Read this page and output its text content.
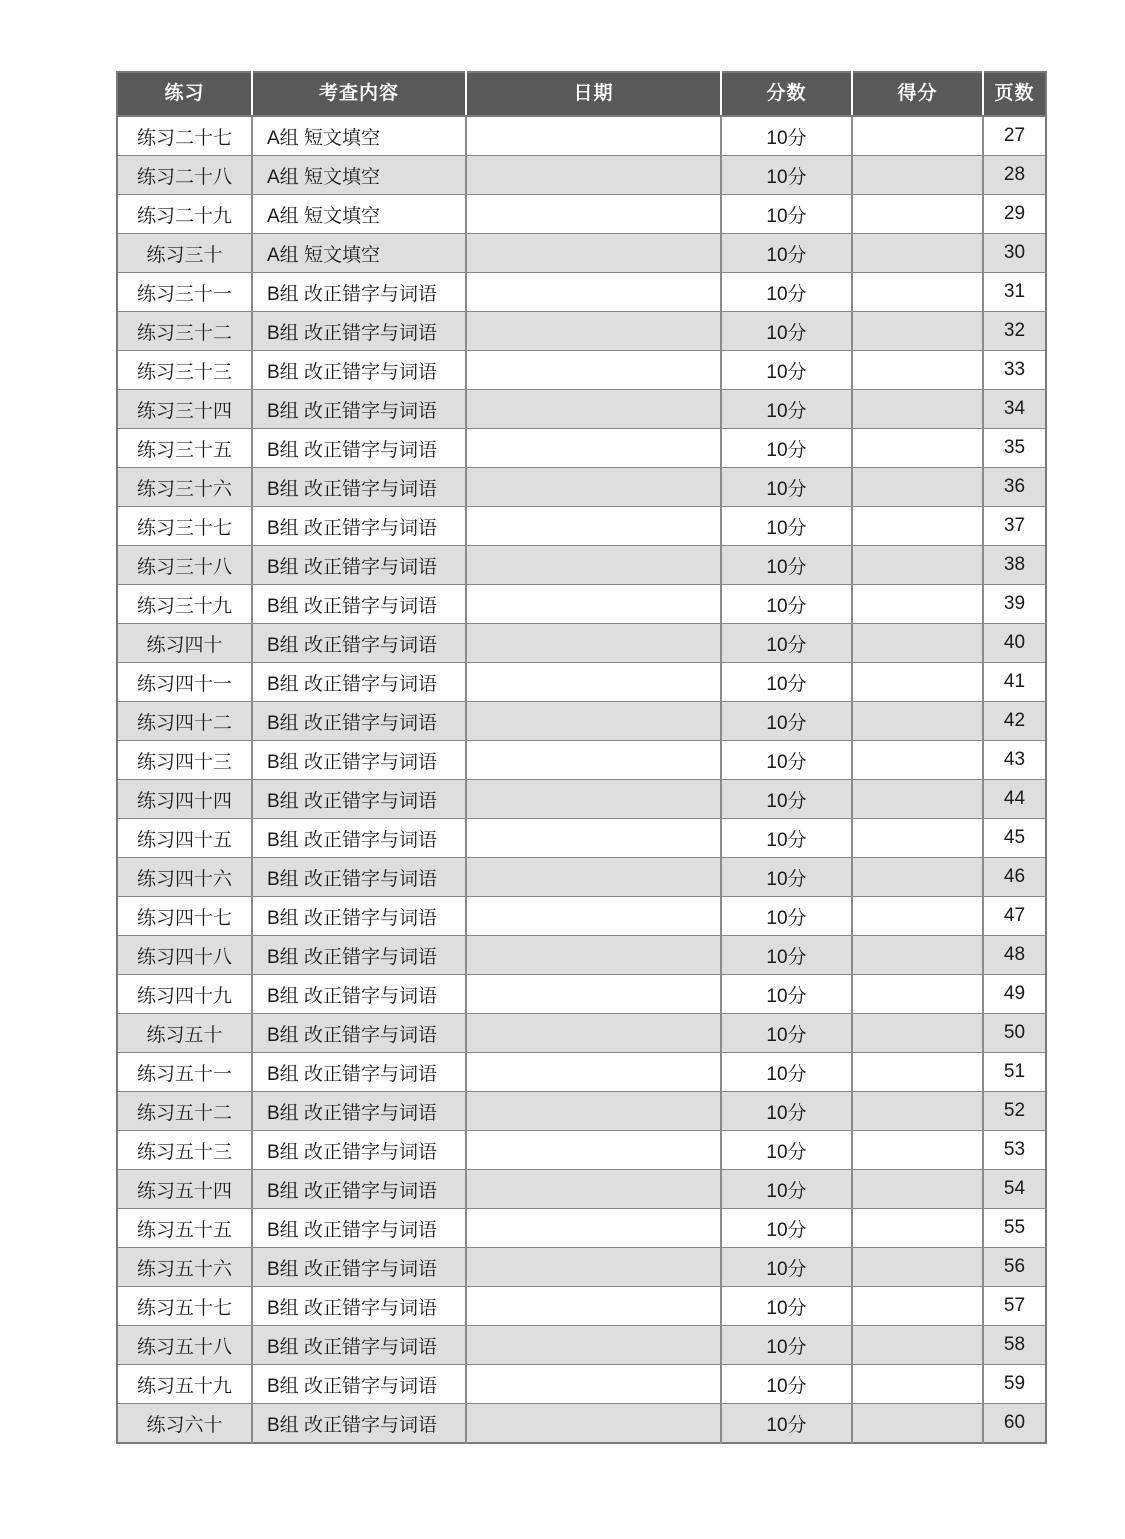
练习	考查内容	日期	分数	得分	页数
练习二十七	A组 短文填空		10分		27
练习二十八	A组 短文填空		10分		28
练习二十九	A组 短文填空		10分		29
练习三十	A组 短文填空		10分		30
练习三十一	B组 改正错字与词语		10分		31
练习三十二	B组 改正错字与词语		10分		32
练习三十三	B组 改正错字与词语		10分		33
练习三十四	B组 改正错字与词语		10分		34
练习三十五	B组 改正错字与词语		10分		35
练习三十六	B组 改正错字与词语		10分		36
练习三十七	B组 改正错字与词语		10分		37
练习三十八	B组 改正错字与词语		10分		38
练习三十九	B组 改正错字与词语		10分		39
练习四十	B组 改正错字与词语		10分		40
练习四十一	B组 改正错字与词语		10分		41
练习四十二	B组 改正错字与词语		10分		42
练习四十三	B组 改正错字与词语		10分		43
练习四十四	B组 改正错字与词语		10分		44
练习四十五	B组 改正错字与词语		10分		45
练习四十六	B组 改正错字与词语		10分		46
练习四十七	B组 改正错字与词语		10分		47
练习四十八	B组 改正错字与词语		10分		48
练习四十九	B组 改正错字与词语		10分		49
练习五十	B组 改正错字与词语		10分		50
练习五十一	B组 改正错字与词语		10分		51
练习五十二	B组 改正错字与词语		10分		52
练习五十三	B组 改正错字与词语		10分		53
练习五十四	B组 改正错字与词语		10分		54
练习五十五	B组 改正错字与词语		10分		55
练习五十六	B组 改正错字与词语		10分		56
练习五十七	B组 改正错字与词语		10分		57
练习五十八	B组 改正错字与词语		10分		58
练习五十九	B组 改正错字与词语		10分		59
练习六十	B组 改正错字与词语		10分		60
